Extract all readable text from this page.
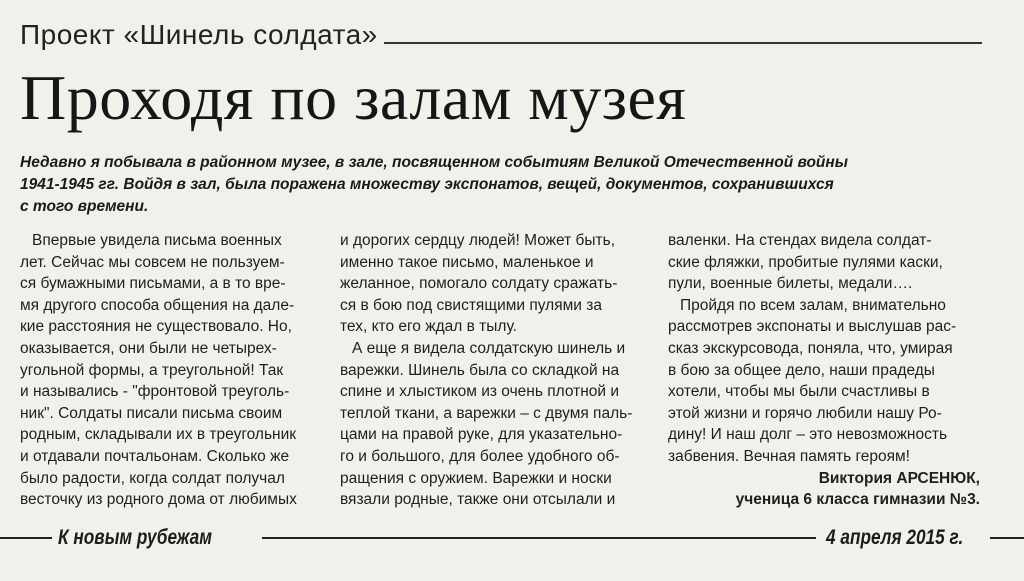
Проект «Шинель солдата»
Проходя по залам музея
Недавно я побывала в районном музее, в зале, посвященном событиям Великой Отечественной войны
1941-1945 гг. Войдя в зал, была поражена множеству экспонатов, вещей, документов, сохранившихся
с того времени.
Впервые увидела письма военных
лет. Сейчас мы совсем не пользуем-
ся бумажными письмами, а в то вре-
мя другого способа общения на дале-
кие расстояния не существовало. Но,
оказывается, они были не четырех-
угольной формы, а треугольной! Так
и назывались - "фронтовой треуголь-
ник". Солдаты писали письма своим
родным, складывали их в треугольник
и отдавали почтальонам. Сколько же
было радости, когда солдат получал
весточку из родного дома от любимых
и дорогих сердцу людей! Может быть,
именно такое письмо, маленькое и
желанное, помогало солдату сражать-
ся в бою под свистящими пулями за
тех, кто его ждал в тылу.
А еще я видела солдатскую шинель и
варежки. Шинель была со складкой на
спине и хлыстиком из очень плотной и
теплой ткани, а варежки – с двумя паль-
цами на правой руке, для указательно-
го и большого, для более удобного об-
ращения с оружием. Варежки и носки
вязали родные, также они отсылали и
валенки. На стендах видела солдат-
ские фляжки, пробитые пулями каски,
пули, военные билеты, медали….
Пройдя по всем залам, внимательно
рассмотрев экспонаты и выслушав рас-
сказ экскурсовода, поняла, что, умирая
в бою за общее дело, наши прадеды
хотели, чтобы мы были счастливы в
этой жизни и горячо любили нашу Ро-
дину! И наш долг – это невозможность
забвения. Вечная память героям!
Виктория АРСЕНЮК,
ученица 6 класса гимназии №3.
К новым рубежам	4 апреля 2015 г.
